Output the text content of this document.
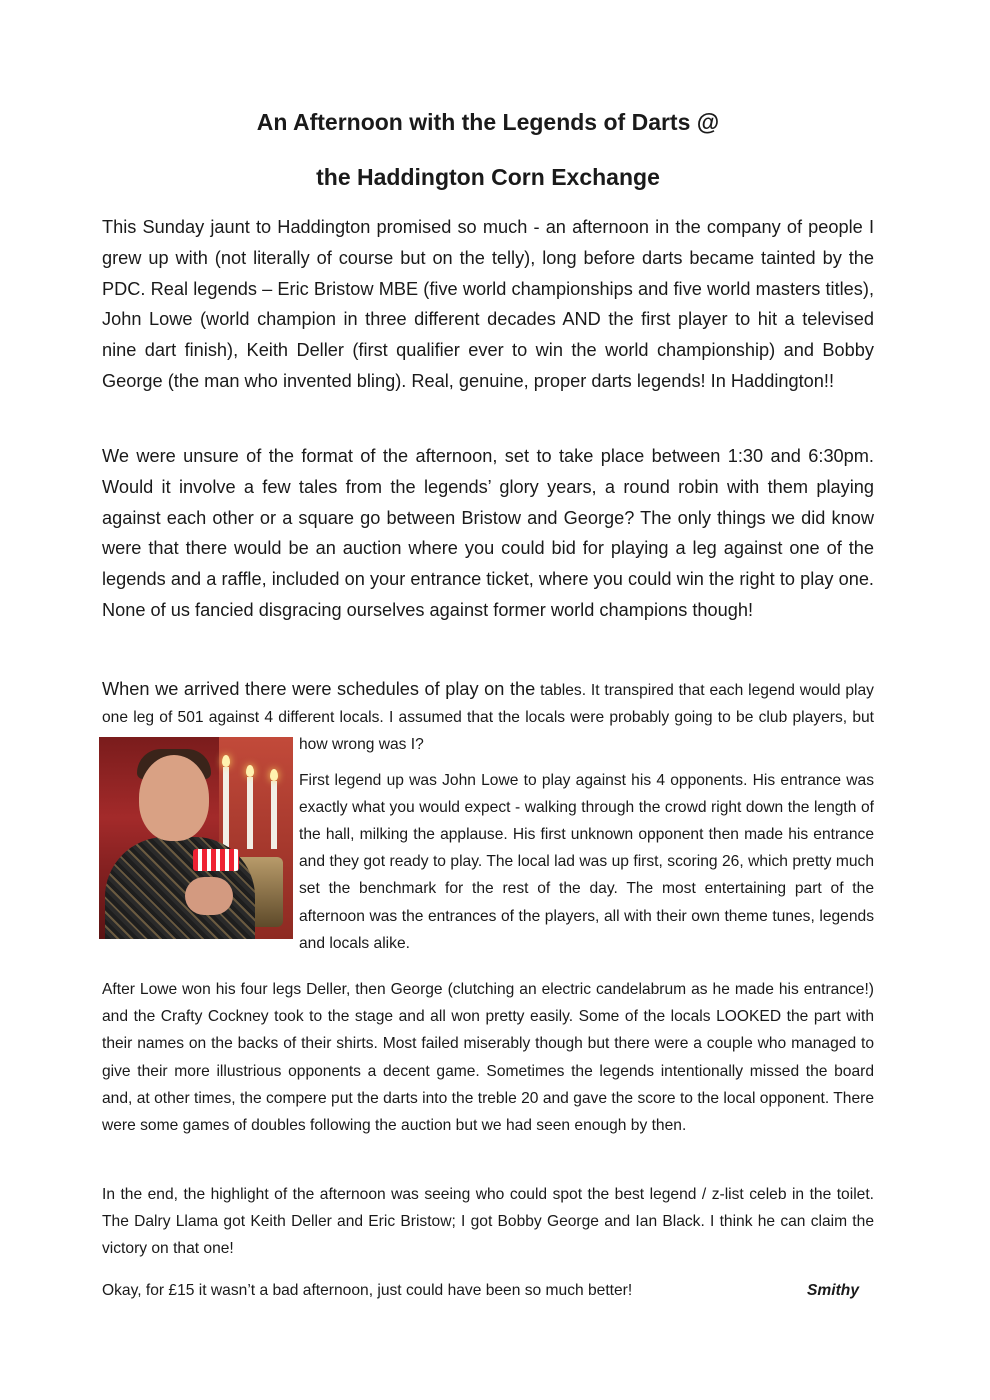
An Afternoon with the Legends of Darts @
the Haddington Corn Exchange

This Sunday jaunt to Haddington promised so much - an afternoon in the company of people I grew up with (not literally of course but on the telly), long before darts became tainted by the PDC. Real legends – Eric Bristow MBE (five world championships and five world masters titles), John Lowe (world champion in three different decades AND the first player to hit a televised nine dart finish), Keith Deller (first qualifier ever to win the world championship) and Bobby George (the man who invented bling). Real, genuine, proper darts legends! In Haddington!!

We were unsure of the format of the afternoon, set to take place between 1:30 and 6:30pm. Would it involve a few tales from the legends’ glory years, a round robin with them playing against each other or a square go between Bristow and George? The only things we did know were that there would be an auction where you could bid for playing a leg against one of the legends and a raffle, included on your entrance ticket, where you could win the right to play one. None of us fancied disgracing ourselves against former world champions though!

When we arrived there were schedules of play on the tables. It transpired that each legend would play one leg of 501 against 4 different locals. I assumed that the locals were probably going to be club players, but how wrong was I?

First legend up was John Lowe to play against his 4 opponents. His entrance was exactly what you would expect - walking through the crowd right down the length of the hall, milking the applause. His first unknown opponent then made his entrance and they got ready to play. The local lad was up first, scoring 26, which pretty much set the benchmark for the rest of the day. The most entertaining part of the afternoon was the entrances of the players, all with their own theme tunes, legends and locals alike.

After Lowe won his four legs Deller, then George (clutching an electric candelabrum as he made his entrance!) and the Crafty Cockney took to the stage and all won pretty easily. Some of the locals LOOKED the part with their names on the backs of their shirts. Most failed miserably though but there were a couple who managed to give their more illustrious opponents a decent game. Sometimes the legends intentionally missed the board and, at other times, the compere put the darts into the treble 20 and gave the score to the local opponent. There were some games of doubles following the auction but we had seen enough by then.

In the end, the highlight of the afternoon was seeing who could spot the best legend / z-list celeb in the toilet. The Dalry Llama got Keith Deller and Eric Bristow; I got Bobby George and Ian Black. I think he can claim the victory on that one!

Okay, for £15 it wasn’t a bad afternoon, just could have been so much better!	Smithy
